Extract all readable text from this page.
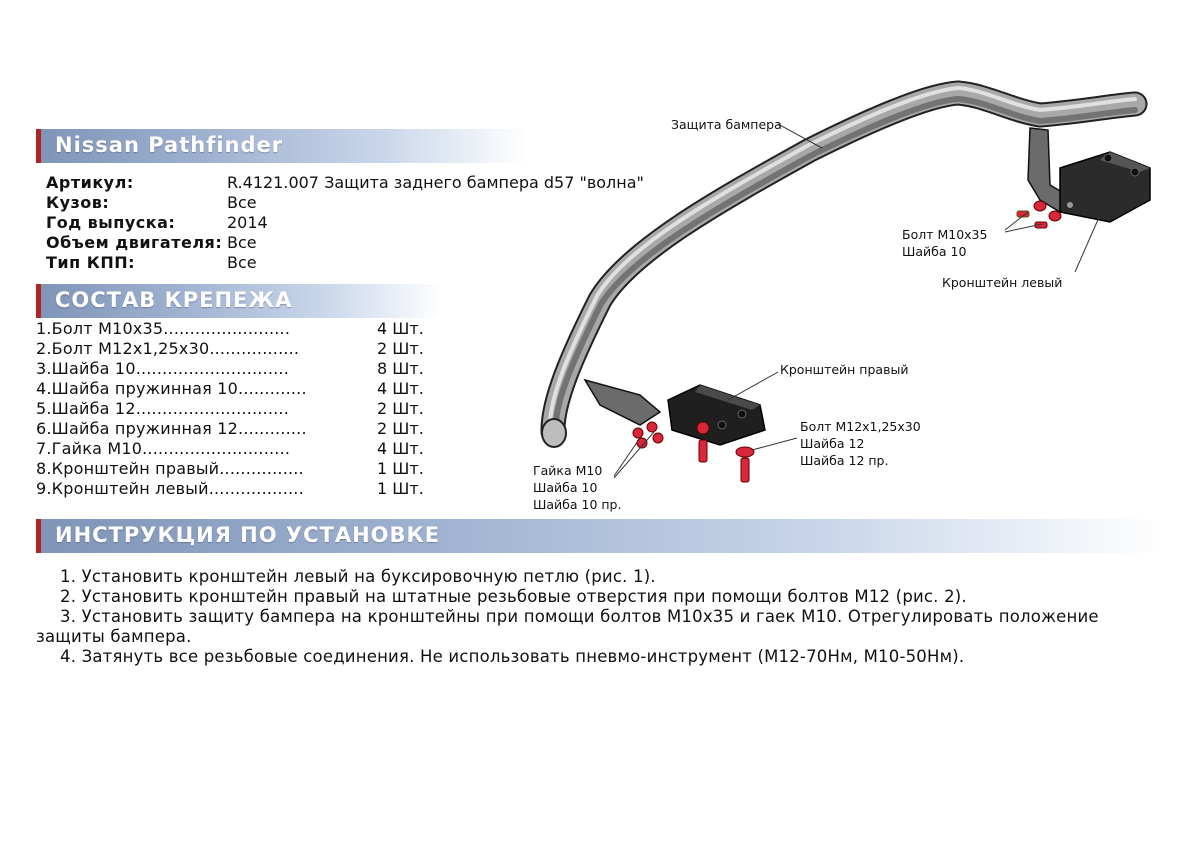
Nissan Pathfinder
Артикул:	R.4121.007 Защита заднего бампера d57 "волна"
Кузов:	Все
Год выпуска:	2014
Объем двигателя: Все
Тип КПП:	Все
СОСТАВ КРЕПЕЖА
1.Болт М10х35........................	4 Шт.
2.Болт М12х1,25х30.................	2 Шт.
3.Шайба 10.............................	8 Шт.
4.Шайба пружинная 10.............	4 Шт.
5.Шайба 12.............................	2 Шт.
6.Шайба пружинная 12.............	2 Шт.
7.Гайка М10............................	4 Шт.
8.Кронштейн правый................	1 Шт.
9.Кронштейн левый..................	1 Шт.
ИНСТРУКЦИЯ ПО УСТАНОВКЕ

1. Установить кронштейн левый на буксировочную петлю (рис. 1).

2. Установить кронштейн правый на штатные резьбовые отверстия при помощи болтов М12 (рис. 2).

3. Установить защиту бампера на кронштейны при помощи болтов М10х35 и гаек М10. Отрегулировать положение защиты бампера.

4. Затянуть все резьбовые соединения. Не использовать пневмо-инструмент (М12-70Нм, М10-50Нм).

Защита бампера
Болт М10х35
Шайба 10
Кронштейн левый
Кронштейн правый
Болт М12х1,25х30
Шайба 12
Шайба 12 пр.
Гайка М10
Шайба 10
Шайба 10 пр.
